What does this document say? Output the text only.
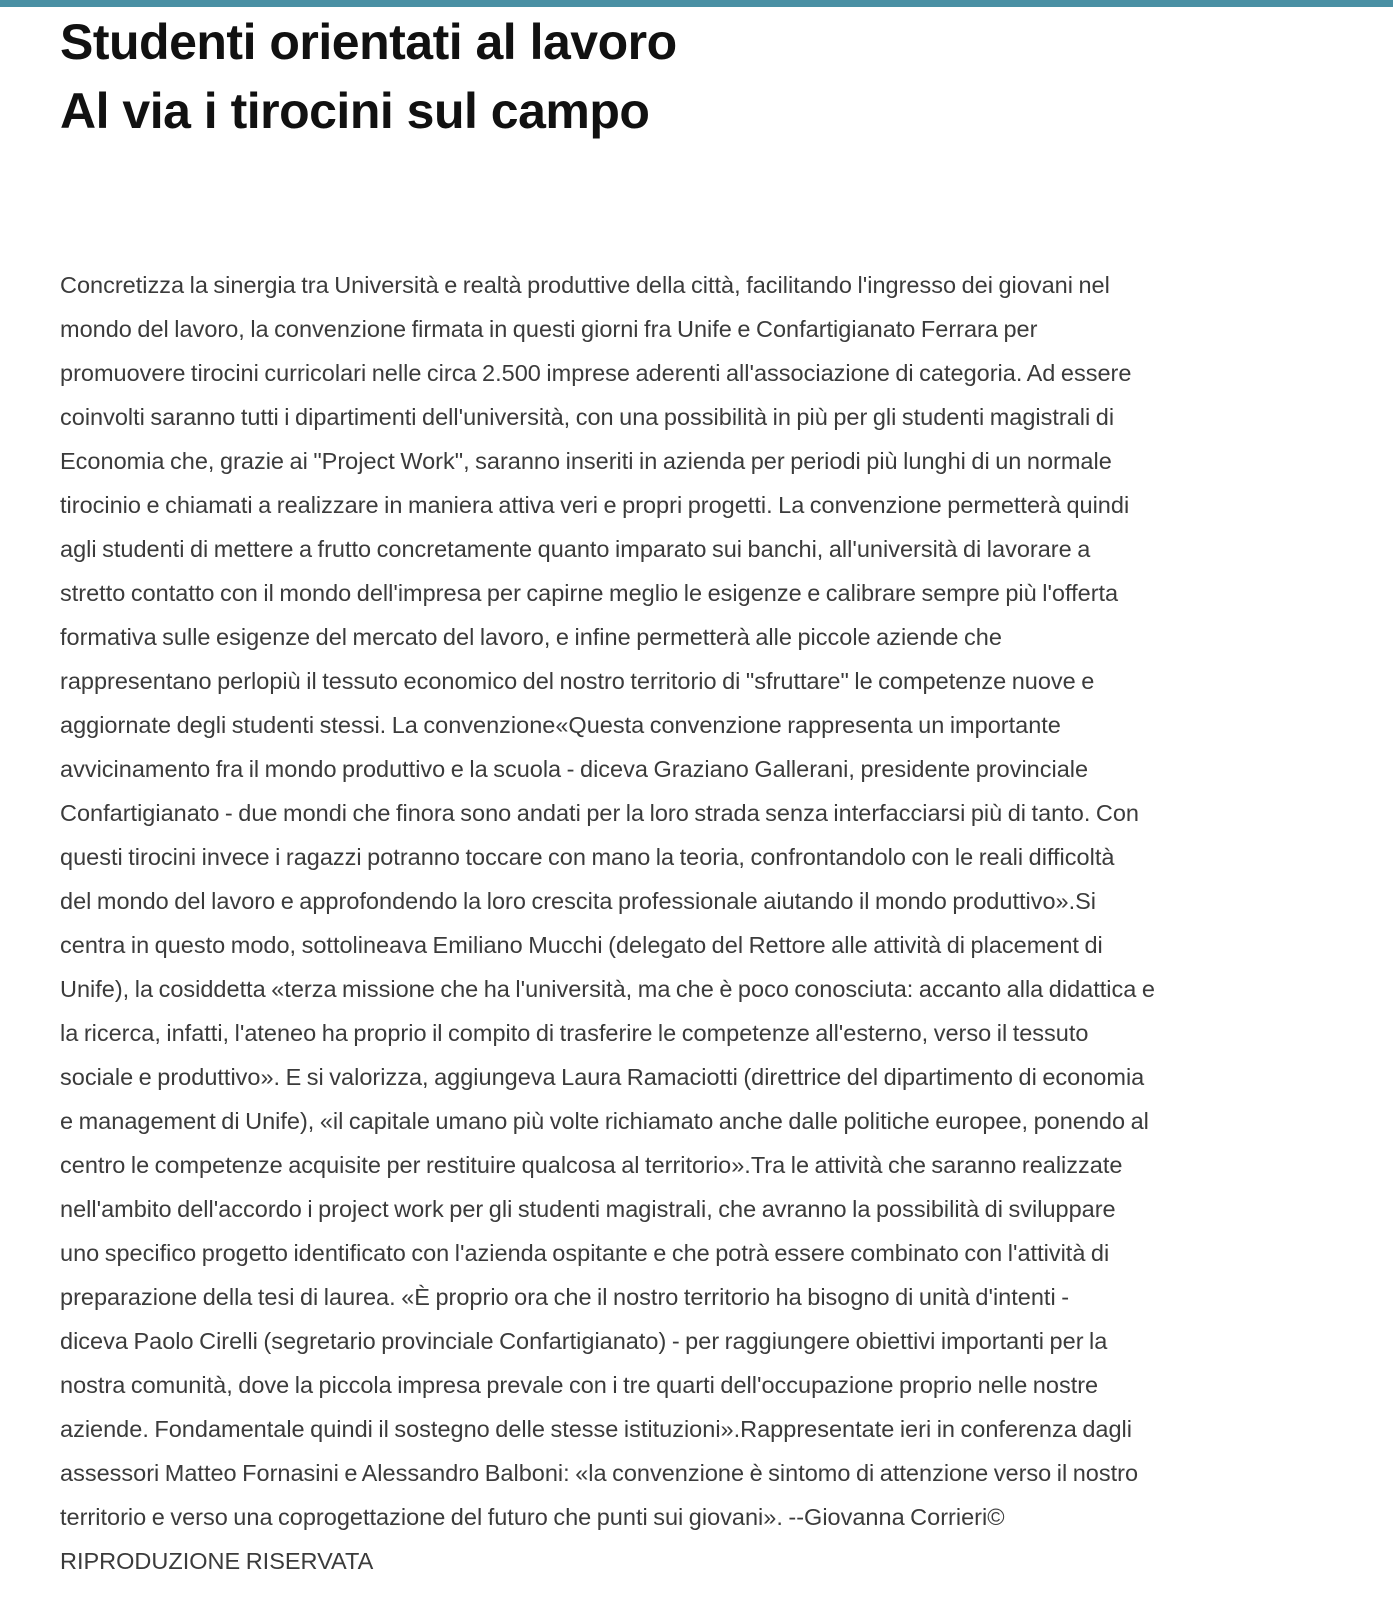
Studenti orientati al lavoro
Al via i tirocini sul campo
Concretizza la sinergia tra Università e realtà produttive della città, facilitando l'ingresso dei giovani nel
mondo del lavoro, la convenzione firmata in questi giorni fra Unife e Confartigianato Ferrara per
promuovere tirocini curricolari nelle circa 2.500 imprese aderenti all'associazione di categoria. Ad essere
coinvolti saranno tutti i dipartimenti dell'università, con una possibilità in più per gli studenti magistrali di
Economia che, grazie ai "Project Work", saranno inseriti in azienda per periodi più lunghi di un normale
tirocinio e chiamati a realizzare in maniera attiva veri e propri progetti. La convenzione permetterà quindi
agli studenti di mettere a frutto concretamente quanto imparato sui banchi, all'università di lavorare a
stretto contatto con il mondo dell'impresa per capirne meglio le esigenze e calibrare sempre più l'offerta
formativa sulle esigenze del mercato del lavoro, e infine permetterà alle piccole aziende che
rappresentano perlopiù il tessuto economico del nostro territorio di "sfruttare" le competenze nuove e
aggiornate degli studenti stessi. La convenzione«Questa convenzione rappresenta un importante
avvicinamento fra il mondo produttivo e la scuola - diceva Graziano Gallerani, presidente provinciale
Confartigianato - due mondi che finora sono andati per la loro strada senza interfacciarsi più di tanto. Con
questi tirocini invece i ragazzi potranno toccare con mano la teoria, confrontandolo con le reali difficoltà
del mondo del lavoro e approfondendo la loro crescita professionale aiutando il mondo produttivo».Si
centra in questo modo, sottolineava Emiliano Mucchi (delegato del Rettore alle attività di placement di
Unife), la cosiddetta «terza missione che ha l'università, ma che è poco conosciuta: accanto alla didattica e
la ricerca, infatti, l'ateneo ha proprio il compito di trasferire le competenze all'esterno, verso il tessuto
sociale e produttivo». E si valorizza, aggiungeva Laura Ramaciotti (direttrice del dipartimento di economia
e management di Unife), «il capitale umano più volte richiamato anche dalle politiche europee, ponendo al
centro le competenze acquisite per restituire qualcosa al territorio».Tra le attività che saranno realizzate
nell'ambito dell'accordo i project work per gli studenti magistrali, che avranno la possibilità di sviluppare
uno specifico progetto identificato con l'azienda ospitante e che potrà essere combinato con l'attività di
preparazione della tesi di laurea. «È proprio ora che il nostro territorio ha bisogno di unità d'intenti -
diceva Paolo Cirelli (segretario provinciale Confartigianato) - per raggiungere obiettivi importanti per la
nostra comunità, dove la piccola impresa prevale con i tre quarti dell'occupazione proprio nelle nostre
aziende. Fondamentale quindi il sostegno delle stesse istituzioni».Rappresentate ieri in conferenza dagli
assessori Matteo Fornasini e Alessandro Balboni: «la convenzione è sintomo di attenzione verso il nostro
territorio e verso una coprogettazione del futuro che punti sui giovani». --Giovanna Corrieri©
RIPRODUZIONE RISERVATA
